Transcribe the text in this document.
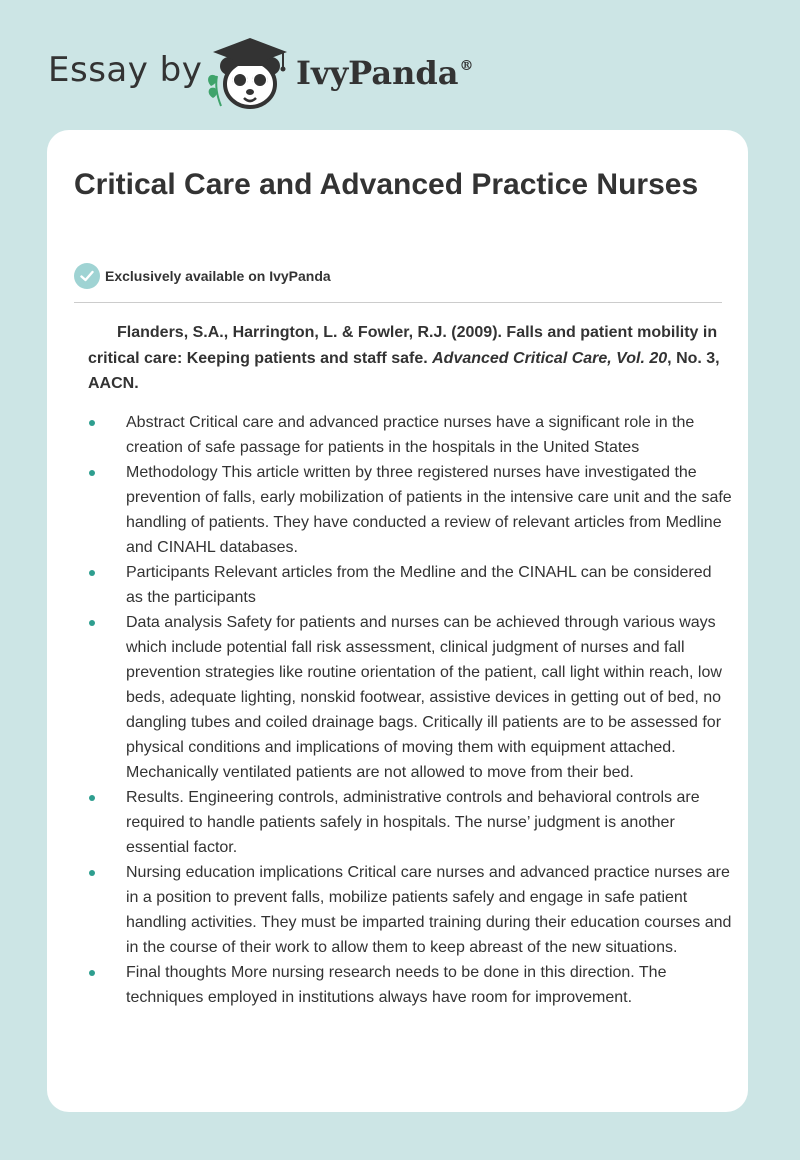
Essay by	IvyPanda®
Critical Care and Advanced Practice Nurses
Exclusively available on IvyPanda

Flanders, S.A., Harrington, L. & Fowler, R.J. (2009). Falls and patient mobility in critical care: Keeping patients and staff safe. Advanced Critical Care, Vol. 20, No. 3, AACN.

Abstract Critical care and advanced practice nurses have a significant role in the creation of safe passage for patients in the hospitals in the United States
Methodology This article written by three registered nurses have investigated the prevention of falls, early mobilization of patients in the intensive care unit and the safe handling of patients. They have conducted a review of relevant articles from Medline and CINAHL databases.
Participants Relevant articles from the Medline and the CINAHL can be considered as the participants
Data analysis Safety for patients and nurses can be achieved through various ways which include potential fall risk assessment, clinical judgment of nurses and fall prevention strategies like routine orientation of the patient, call light within reach, low beds, adequate lighting, nonskid footwear, assistive devices in getting out of bed, no dangling tubes and coiled drainage bags. Critically ill patients are to be assessed for physical conditions and implications of moving them with equipment attached. Mechanically ventilated patients are not allowed to move from their bed.
Results. Engineering controls, administrative controls and behavioral controls are required to handle patients safely in hospitals. The nurse’ judgment is another essential factor.
Nursing education implications Critical care nurses and advanced practice nurses are in a position to prevent falls, mobilize patients safely and engage in safe patient handling activities. They must be imparted training during their education courses and in the course of their work to allow them to keep abreast of the new situations.
Final thoughts More nursing research needs to be done in this direction. The techniques employed in institutions always have room for improvement.
